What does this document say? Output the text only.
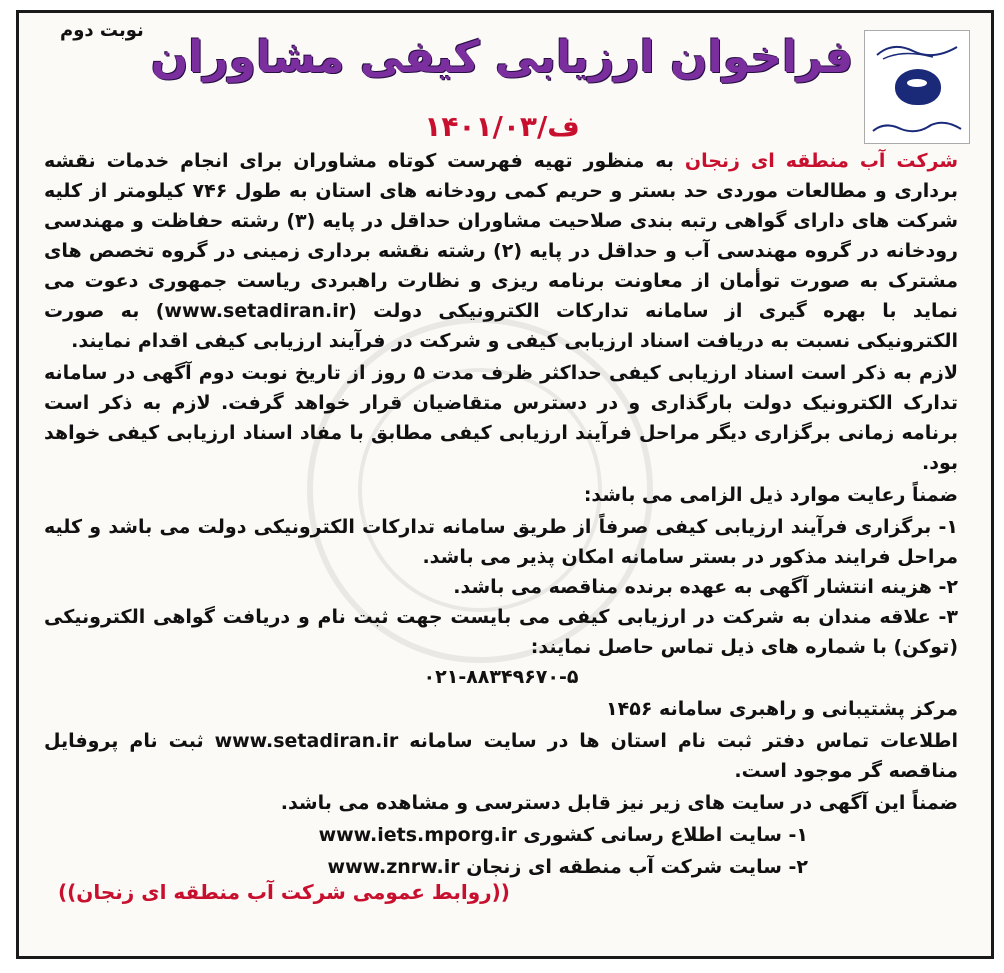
نوبت دوم
فراخوان ارزیابی کیفی مشاوران
ف/۱۴۰۱/۰۳

شرکت آب منطقه ای زنجان به منظور تهیه فهرست کوتاه مشاوران برای انجام خدمات نقشه برداری و مطالعات موردی حد بستر و حریم کمی رودخانه های استان به طول ۷۴۶ کیلومتر از کلیه شرکت های دارای گواهی رتبه بندی صلاحیت مشاوران حداقل در پایه (۳) رشته حفاظت و مهندسی رودخانه در گروه مهندسی آب و حداقل در پایه (۲) رشته نقشه برداری زمینی در گروه تخصص های مشترک به صورت توأمان از معاونت برنامه ریزی و نظارت راهبردی ریاست جمهوری دعوت می نماید با بهره گیری از سامانه تدارکات الکترونیکی دولت (www.setadiran.ir) به صورت الکترونیکی نسبت به دریافت اسناد ارزیابی کیفی و شرکت در فرآیند ارزیابی کیفی اقدام نمایند.

لازم به ذکر است اسناد ارزیابی کیفی حداکثر ظرف مدت ۵ روز از تاریخ نوبت دوم آگهی در سامانه تدارک الکترونیک دولت بارگذاری و در دسترس متقاضیان قرار خواهد گرفت. لازم به ذکر است برنامه زمانی برگزاری دیگر مراحل فرآیند ارزیابی کیفی مطابق با مفاد اسناد ارزیابی کیفی خواهد بود.

ضمناً رعایت موارد ذیل الزامی می باشد:

۱- برگزاری فرآیند ارزیابی کیفی صرفاً از طریق سامانه تدارکات الکترونیکی دولت می باشد و کلیه مراحل فرایند مذکور در بستر سامانه امکان پذیر می باشد.
۲- هزینه انتشار آگهی به عهده برنده مناقصه می باشد.
۳- علاقه مندان به شرکت در ارزیابی کیفی می بایست جهت ثبت نام و دریافت گواهی الکترونیکی (توکن) با شماره های ذیل تماس حاصل نمایند:

۰۲۱-۸۸۳۴۹۶۷۰-۵

مرکز پشتیبانی و راهبری سامانه ۱۴۵۶

اطلاعات تماس دفتر ثبت نام استان ها در سایت سامانه www.setadiran.ir ثبت نام پروفایل مناقصه گر موجود است.

ضمناً این آگهی در سایت های زیر نیز قابل دسترسی و مشاهده می باشد.

۱- سایت اطلاع رسانی کشوری www.iets.mporg.ir

۲- سایت شرکت آب منطقه ای زنجان www.znrw.ir

((روابط عمومی شرکت آب منطقه ای زنجان))
